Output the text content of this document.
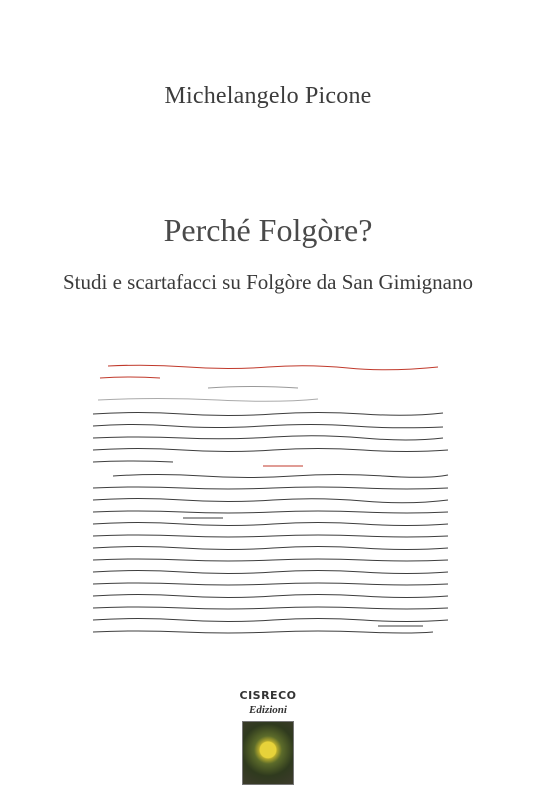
Michelangelo Picone
Perché Folgòre?
Studi e scartafacci su Folgòre da San Gimignano
CISRECO
Edizioni
